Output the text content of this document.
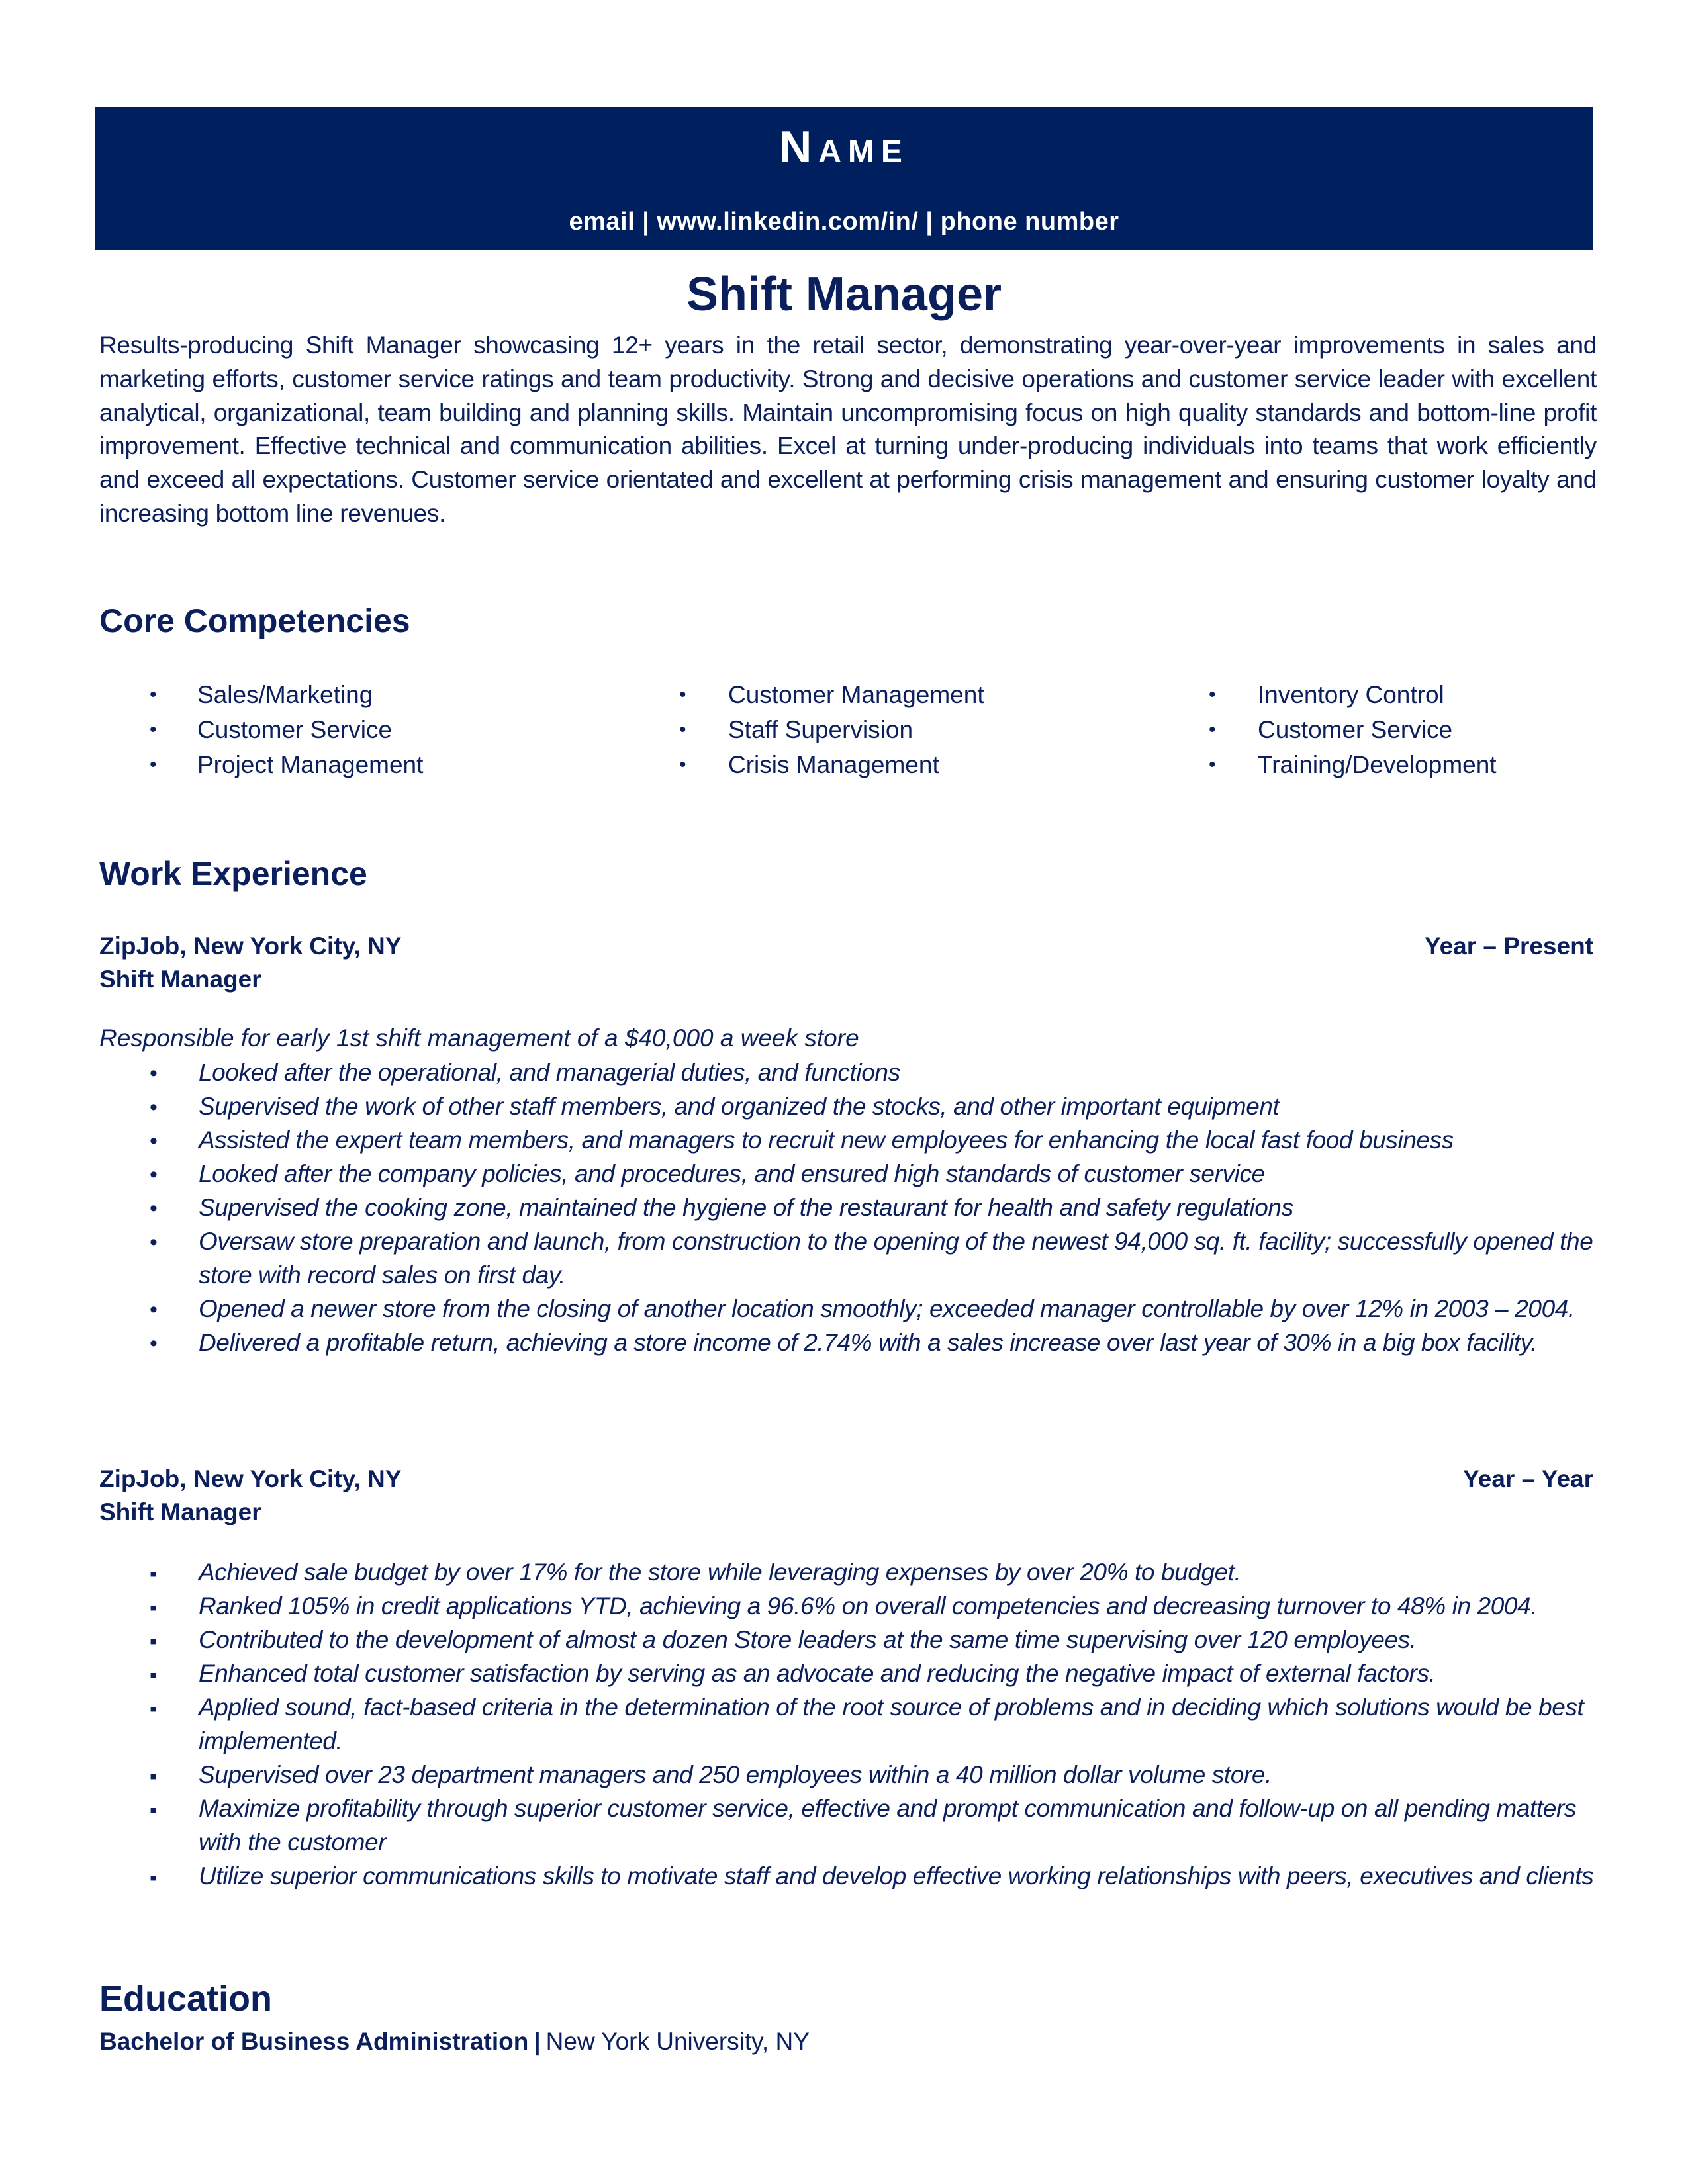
Name
email | www.linkedin.com/in/ | phone number
Shift Manager
Results-producing Shift Manager showcasing 12+ years in the retail sector, demonstrating year-over-year improvements in sales and marketing efforts, customer service ratings and team productivity. Strong and decisive operations and customer service leader with excellent analytical, organizational, team building and planning skills. Maintain uncompromising focus on high quality standards and bottom-line profit improvement. Effective technical and communication abilities. Excel at turning under-producing individuals into teams that work efficiently and exceed all expectations. Customer service orientated and excellent at performing crisis management and ensuring customer loyalty and increasing bottom line revenues.
Core Competencies
• Sales/Marketing
• Customer Service
• Project Management
• Customer Management
• Staff Supervision
• Crisis Management
• Inventory Control
• Customer Service
• Training/Development
Work Experience
ZipJob, New York City, NY	Year – Present
Shift Manager
Responsible for early 1st shift management of a $40,000 a week store
•
Looked after the operational, and managerial duties, and functions
•
Supervised the work of other staff members, and organized the stocks, and other important equipment
•
Assisted the expert team members, and managers to recruit new employees for enhancing the local fast food business
•
Looked after the company policies, and procedures, and ensured high standards of customer service
•
Supervised the cooking zone, maintained the hygiene of the restaurant for health and safety regulations
•
Oversaw store preparation and launch, from construction to the opening of the newest 94,000 sq. ft. facility; successfully opened the store with record sales on first day.
•
Opened a newer store from the closing of another location smoothly; exceeded manager controllable by over 12% in 2003 – 2004.
•
Delivered a profitable return, achieving a store income of 2.74% with a sales increase over last year of 30% in a big box facility.
ZipJob, New York City, NY	Year – Year
Shift Manager
▪
Achieved sale budget by over 17% for the store while leveraging expenses by over 20% to budget.
▪
Ranked 105% in credit applications YTD, achieving a 96.6% on overall competencies and decreasing turnover to 48% in 2004.
▪
Contributed to the development of almost a dozen Store leaders at the same time supervising over 120 employees.
▪
Enhanced total customer satisfaction by serving as an advocate and reducing the negative impact of external factors.
▪
Applied sound, fact-based criteria in the determination of the root source of problems and in deciding which solutions would be best implemented.
▪
Supervised over 23 department managers and 250 employees within a 40 million dollar volume store.
▪
Maximize profitability through superior customer service, effective and prompt communication and follow-up on all pending matters with the customer
▪
Utilize superior communications skills to motivate staff and develop effective working relationships with peers, executives and clients
Education
Bachelor of Business Administration | New York University, NY
